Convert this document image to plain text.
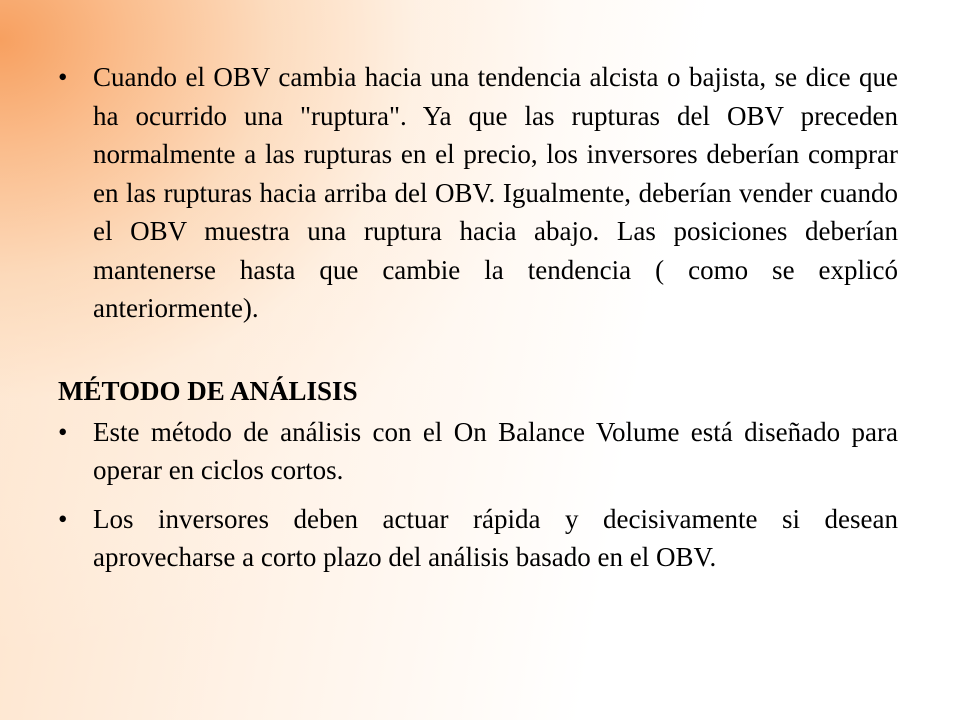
• Cuando el OBV cambia hacia una tendencia alcista o bajista, se dice que ha ocurrido una "ruptura". Ya que las rupturas del OBV preceden normalmente a las rupturas en el precio, los inversores deberían comprar en las rupturas hacia arriba del OBV. Igualmente, deberían vender cuando el OBV muestra una ruptura hacia abajo. Las posiciones deberían mantenerse hasta que cambie la tendencia ( como se explicó anteriormente).
MÉTODO DE ANÁLISIS
• Este método de análisis con el On Balance Volume está diseñado para operar en ciclos cortos.
• Los inversores deben actuar rápida y decisivamente si desean aprovecharse a corto plazo del análisis basado en el OBV.
